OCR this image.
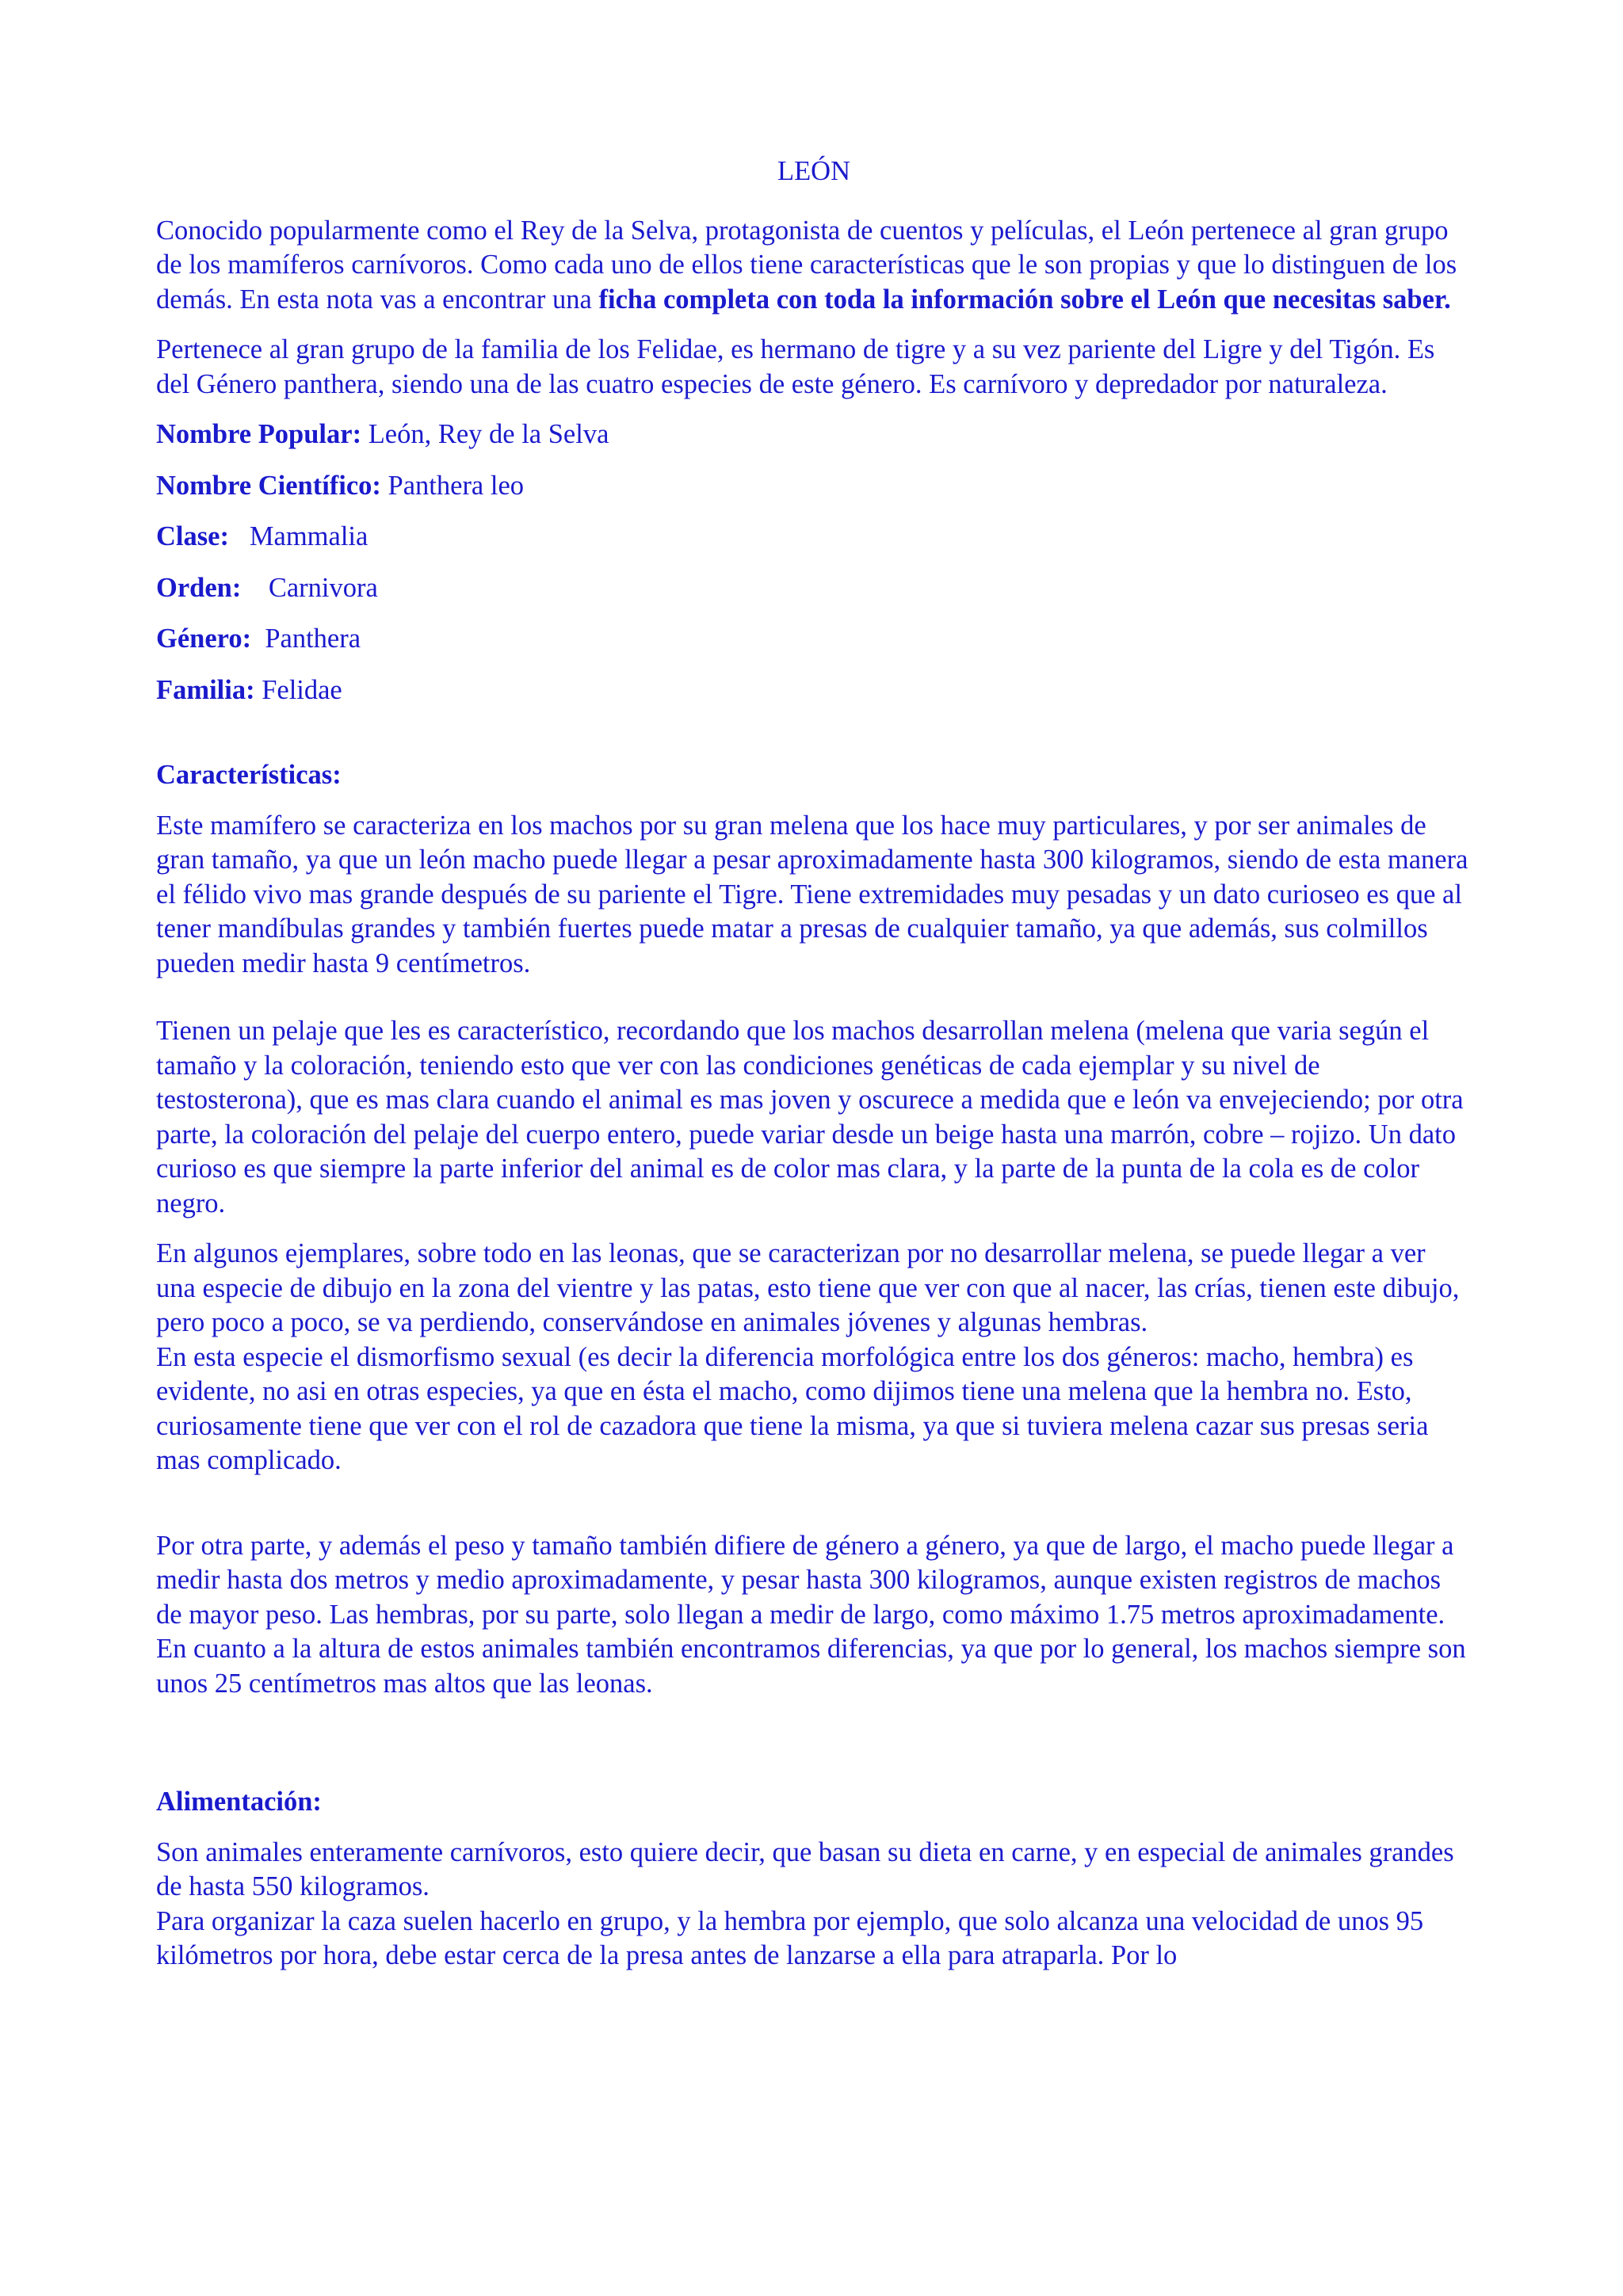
LEÓN

Conocido popularmente como el Rey de la Selva, protagonista de cuentos y películas, el León pertenece al gran grupo de los mamíferos carnívoros. Como cada uno de ellos tiene características que le son propias y que lo distinguen de los demás. En esta nota vas a encontrar una ficha completa con toda la información sobre el León que necesitas saber.

Pertenece al gran grupo de la familia de los Felidae, es hermano de tigre y a su vez pariente del Ligre y del Tigón. Es del Género panthera, siendo una de las cuatro especies de este género. Es carnívoro y depredador por naturaleza.

Nombre Popular: León, Rey de la Selva
Nombre Científico: Panthera leo
Clase:   Mammalia
Orden:    Carnivora
Género:  Panthera
Familia: Felidae
Características:

Este mamífero se caracteriza en los machos por su gran melena que los hace muy particulares, y por ser animales de gran tamaño, ya que un león macho puede llegar a pesar aproximadamente hasta 300 kilogramos, siendo de esta manera el félido vivo mas grande después de su pariente el Tigre. Tiene extremidades muy pesadas y un dato curioseo es que al tener mandíbulas grandes y también fuertes puede matar a presas de cualquier tamaño, ya que además, sus colmillos pueden medir hasta 9 centímetros.

Tienen un pelaje que les es característico, recordando que los machos desarrollan melena (melena que varia según el tamaño y la coloración, teniendo esto que ver con las condiciones genéticas de cada ejemplar y su nivel de testosterona), que es mas clara cuando el animal es mas joven y oscurece a medida que e león va envejeciendo; por otra parte, la coloración del pelaje del cuerpo entero, puede variar desde un beige hasta una marrón, cobre – rojizo. Un dato curioso es que siempre la parte inferior del animal es de color mas clara, y la parte de la punta de la cola es de color negro.

En algunos ejemplares, sobre todo en las leonas, que se caracterizan por no desarrollar melena, se puede llegar a ver una especie de dibujo en la zona del vientre y las patas, esto tiene que ver con que al nacer, las crías, tienen este dibujo, pero poco a poco, se va perdiendo, conservándose en animales jóvenes y algunas hembras.

En esta especie el dismorfismo sexual (es decir la diferencia morfológica entre los dos géneros: macho, hembra) es evidente, no asi en otras especies, ya que en ésta el macho, como dijimos tiene una melena que la hembra no. Esto, curiosamente tiene que ver con el rol de cazadora que tiene la misma, ya que si tuviera melena cazar sus presas seria mas complicado.

Por otra parte, y además el peso y tamaño también difiere de género a género, ya que de largo, el macho puede llegar a medir hasta dos metros y medio aproximadamente, y pesar hasta 300 kilogramos, aunque existen registros de machos de mayor peso. Las hembras, por su parte, solo llegan a medir de largo, como máximo 1.75 metros aproximadamente. En cuanto a la altura de estos animales también encontramos diferencias, ya que por lo general, los machos siempre son unos 25 centímetros mas altos que las leonas.

Alimentación:

Son animales enteramente carnívoros, esto quiere decir, que basan su dieta en carne, y en especial de animales grandes de hasta 550 kilogramos.

Para organizar la caza suelen hacerlo en grupo, y la hembra por ejemplo, que solo alcanza una velocidad de unos 95 kilómetros por hora, debe estar cerca de la presa antes de lanzarse a ella para atraparla. Por lo
